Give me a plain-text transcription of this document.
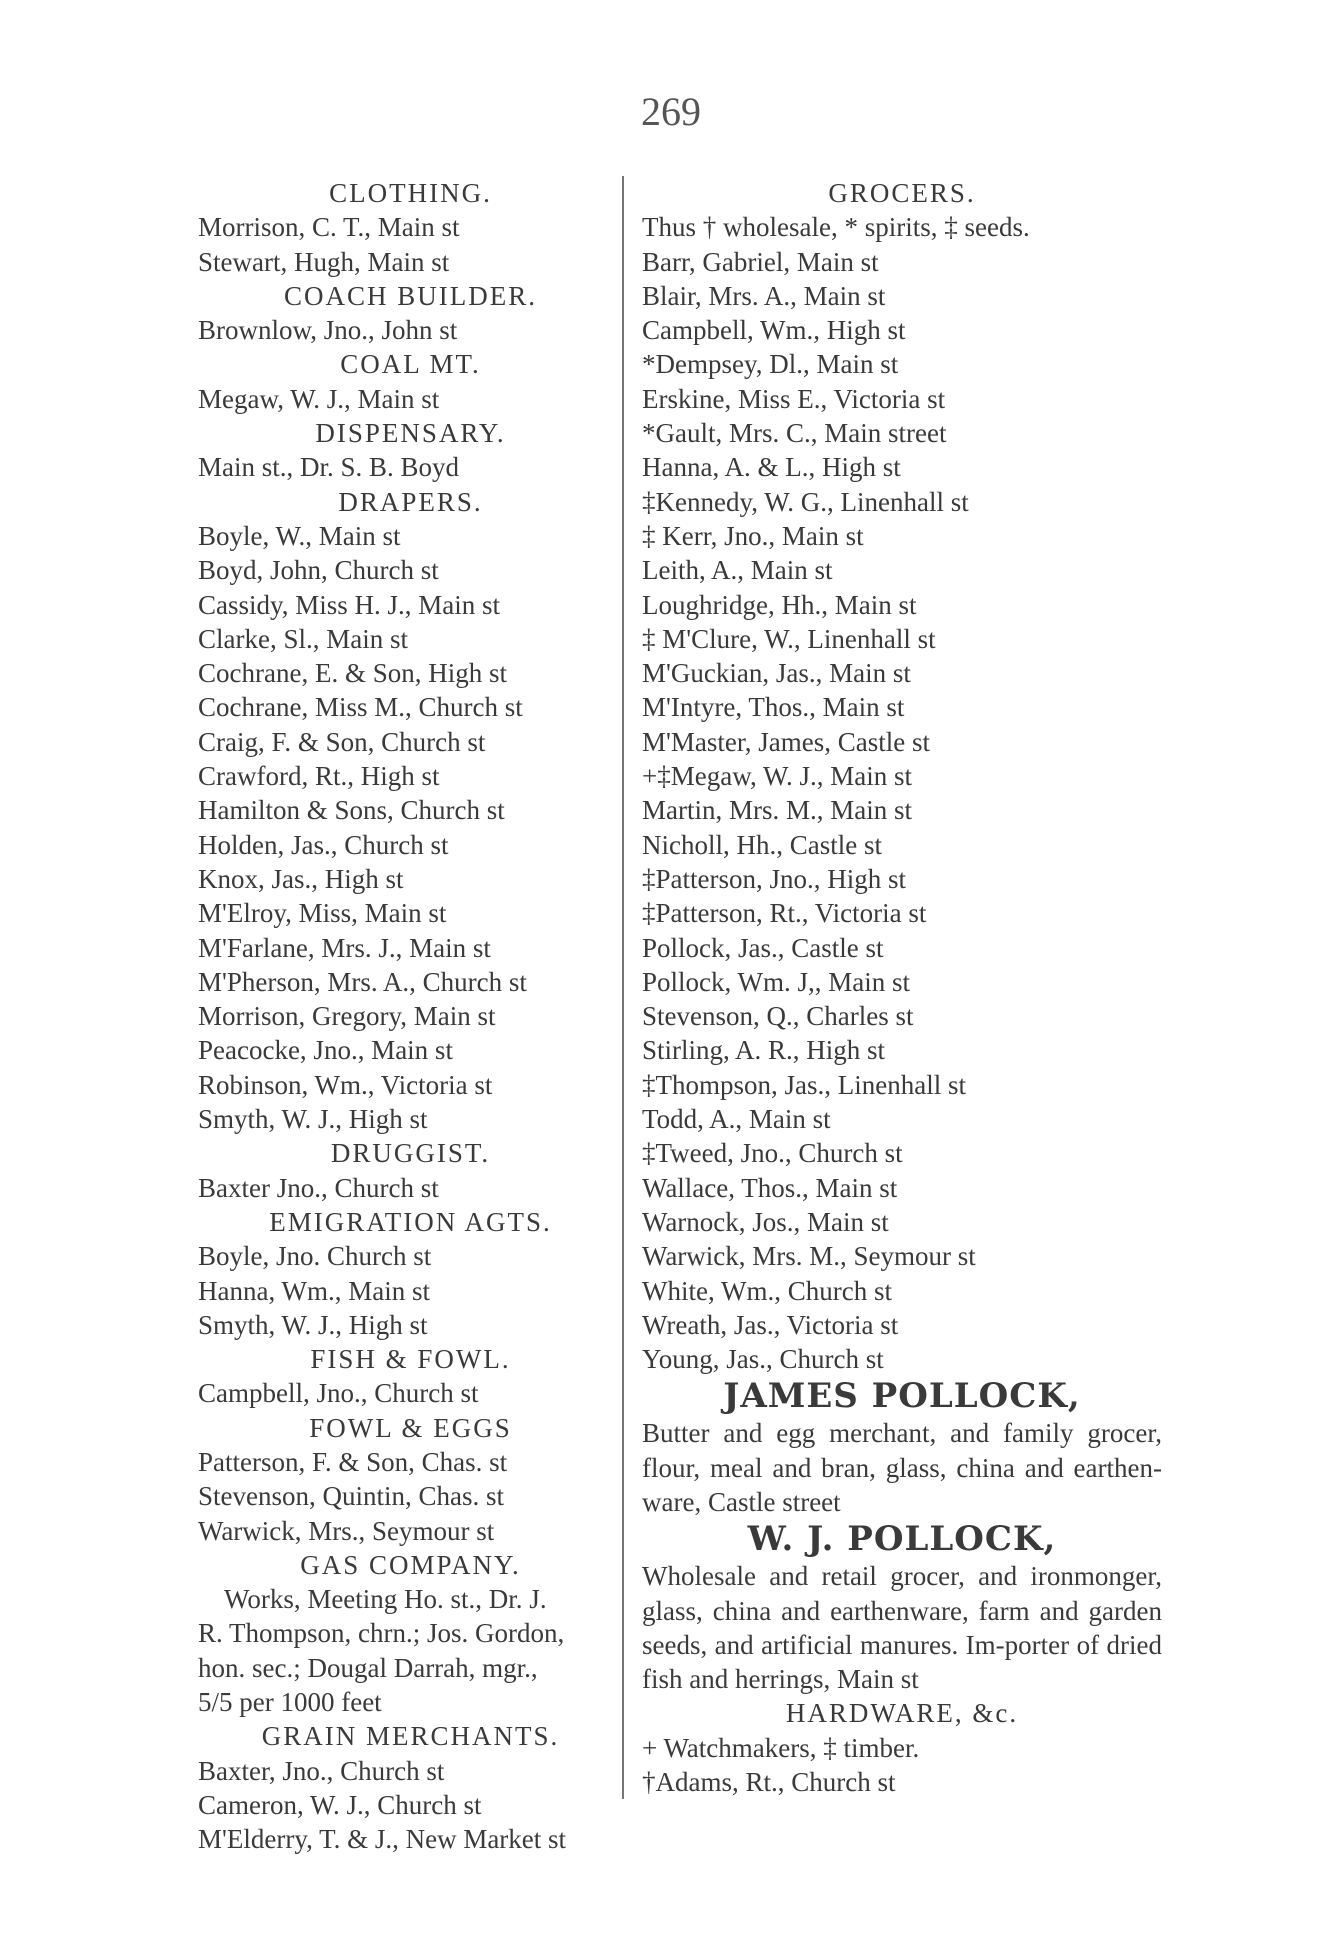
269
CLOTHING.
Morrison, C. T., Main st
Stewart, Hugh, Main st
COACH BUILDER.
Brownlow, Jno., John st
COAL MT.
Megaw, W. J., Main st
DISPENSARY.
Main st., Dr. S. B. Boyd
DRAPERS.
Boyle, W., Main st
Boyd, John, Church st
Cassidy, Miss H. J., Main st
Clarke, Sl., Main st
Cochrane, E. & Son, High st
Cochrane, Miss M., Church st
Craig, F. & Son, Church st
Crawford, Rt., High st
Hamilton & Sons, Church st
Holden, Jas., Church st
Knox, Jas., High st
M'Elroy, Miss, Main st
M'Farlane, Mrs. J., Main st
M'Pherson, Mrs. A., Church st
Morrison, Gregory, Main st
Peacocke, Jno., Main st
Robinson, Wm., Victoria st
Smyth, W. J., High st
DRUGGIST.
Baxter Jno., Church st
EMIGRATION AGTS.
Boyle, Jno. Church st
Hanna, Wm., Main st
Smyth, W. J., High st
FISH & FOWL.
Campbell, Jno., Church st
FOWL & EGGS
Patterson, F. & Son, Chas. st
Stevenson, Quintin, Chas. st
Warwick, Mrs., Seymour st
GAS COMPANY.
Works, Meeting Ho. st., Dr. J.
R. Thompson, chrn.; Jos. Gordon,
hon. sec.; Dougal Darrah, mgr.,
5/5 per 1000 feet
GRAIN MERCHANTS.
Baxter, Jno., Church st
Cameron, W. J., Church st
M'Elderry, T. & J., New Market st
GROCERS.
Thus † wholesale, * spirits, ‡ seeds.
Barr, Gabriel, Main st
Blair, Mrs. A., Main st
Campbell, Wm., High st
*Dempsey, Dl., Main st
Erskine, Miss E., Victoria st
*Gault, Mrs. C., Main street
Hanna, A. & L., High st
‡Kennedy, W. G., Linenhall st
‡ Kerr, Jno., Main st
Leith, A., Main st
Loughridge, Hh., Main st
‡ M'Clure, W., Linenhall st
M'Guckian, Jas., Main st
M'Intyre, Thos., Main st
M'Master, James, Castle st
+‡Megaw, W. J., Main st
Martin, Mrs. M., Main st
Nicholl, Hh., Castle st
‡Patterson, Jno., High st
‡Patterson, Rt., Victoria st
Pollock, Jas., Castle st
Pollock, Wm. J,, Main st
Stevenson, Q., Charles st
Stirling, A. R., High st
‡Thompson, Jas., Linenhall st
Todd, A., Main st
‡Tweed, Jno., Church st
Wallace, Thos., Main st
Warnock, Jos., Main st
Warwick, Mrs. M., Seymour st
White, Wm., Church st
Wreath, Jas., Victoria st
Young, Jas., Church st
JAMES POLLOCK,
Butter and egg merchant, and family grocer, flour, meal and bran, glass, china and earthen-ware, Castle street
W. J. POLLOCK,
Wholesale and retail grocer, and ironmonger, glass, china and earthenware, farm and garden seeds, and artificial manures. Im-porter of dried fish and herrings, Main st
HARDWARE, &c.
+ Watchmakers, ‡ timber.
†Adams, Rt., Church st
